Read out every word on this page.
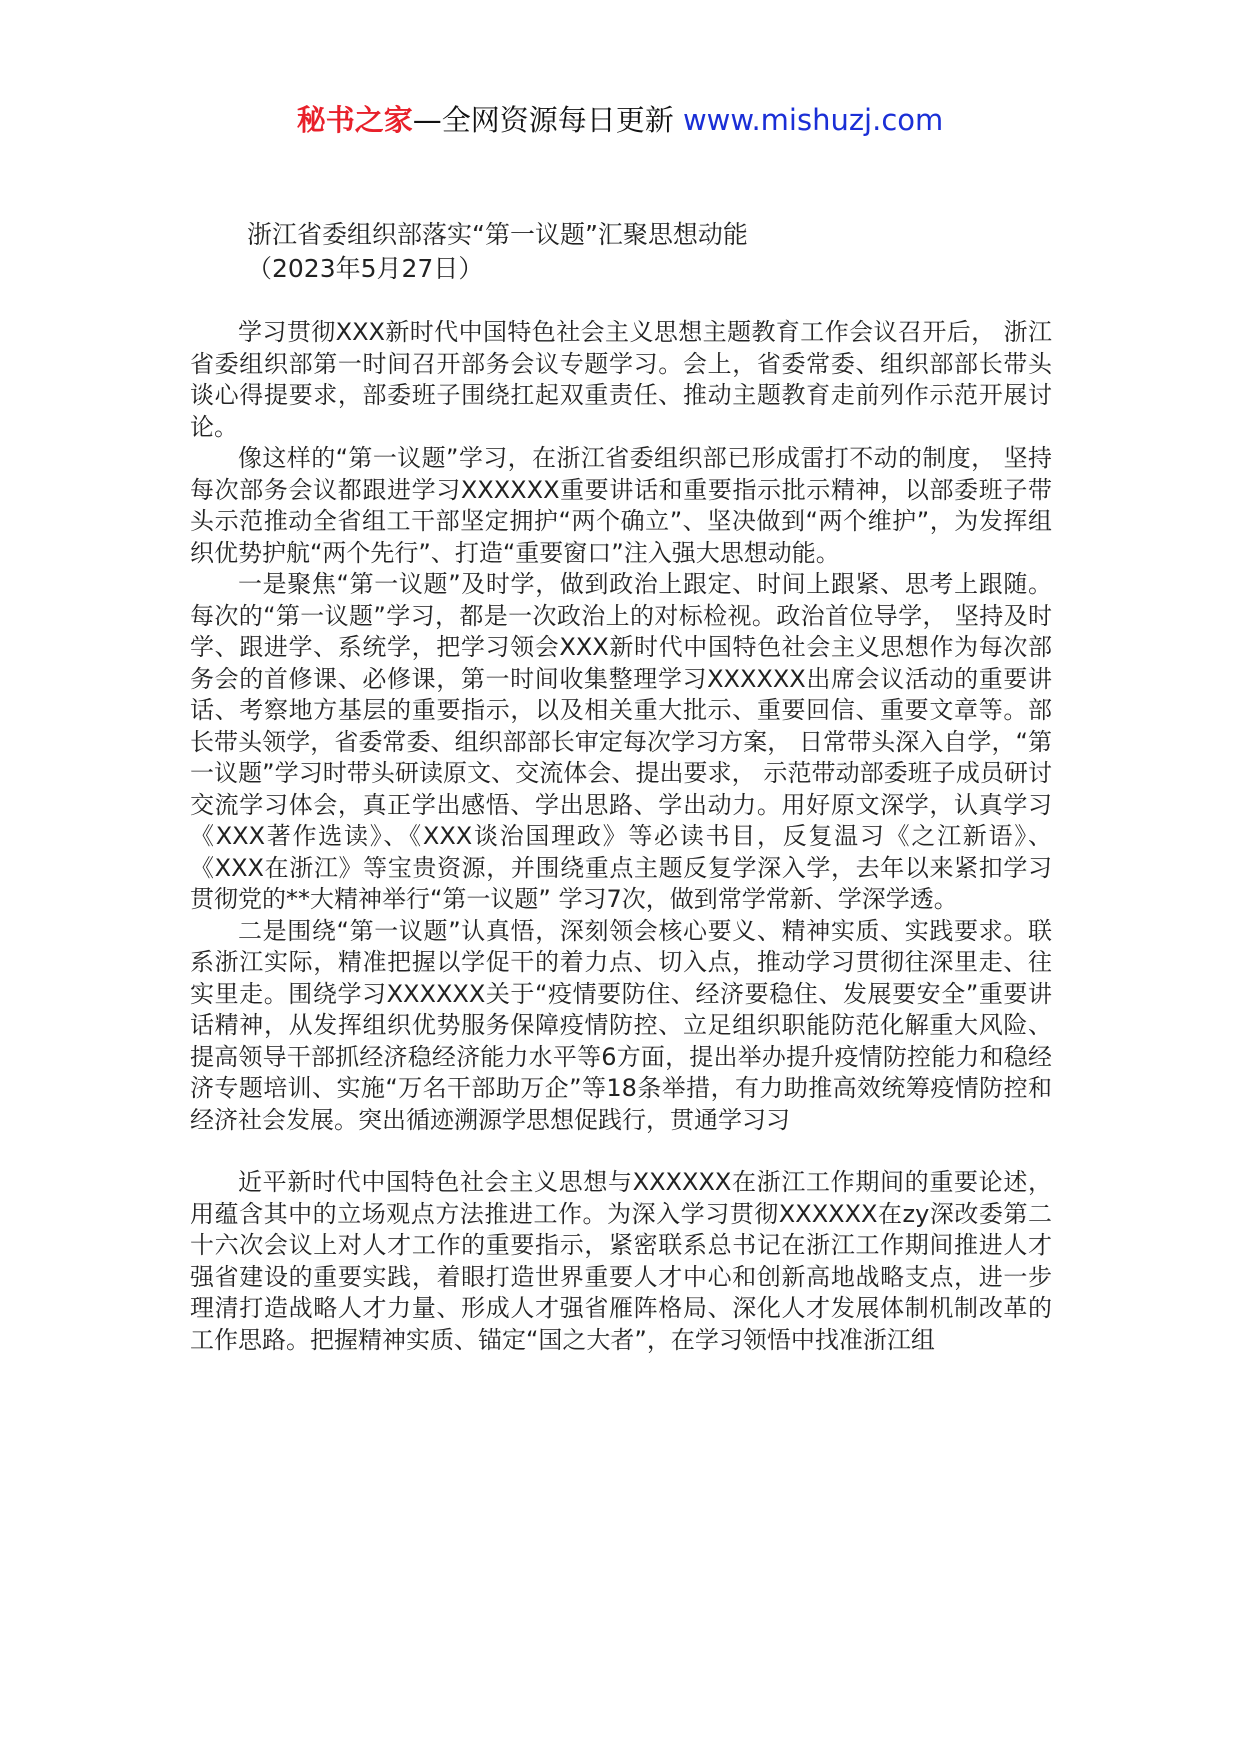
秘书之家—全网资源每日更新 www.mishuzj.com
浙江省委组织部落实“第一议题”汇聚思想动能
（2023年5月27日）

学习贯彻XXX新时代中国特色社会主义思想主题教育工作会议召开后， 浙江省委组织部第一时间召开部务会议专题学习。会上，省委常委、组织部部长带头谈心得提要求，部委班子围绕扛起双重责任、推动主题教育走前列作示范开展讨论。

像这样的“第一议题”学习，在浙江省委组织部已形成雷打不动的制度， 坚持每次部务会议都跟进学习XXXXXX重要讲话和重要指示批示精神，以部委班子带头示范推动全省组工干部坚定拥护“两个确立”、坚决做到“两个维护”，为发挥组织优势护航“两个先行”、打造“重要窗口”注入强大思想动能。

一是聚焦“第一议题”及时学，做到政治上跟定、时间上跟紧、思考上跟随。每次的“第一议题”学习，都是一次政治上的对标检视。政治首位导学， 坚持及时学、跟进学、系统学，把学习领会XXX新时代中国特色社会主义思想作为每次部务会的首修课、必修课，第一时间收集整理学习XXXXXX出席会议活动的重要讲话、考察地方基层的重要指示，以及相关重大批示、重要回信、重要文章等。部长带头领学，省委常委、组织部部长审定每次学习方案， 日常带头深入自学，“第一议题”学习时带头研读原文、交流体会、提出要求， 示范带动部委班子成员研讨交流学习体会，真正学出感悟、学出思路、学出动力。用好原文深学，认真学习《XXX著作选读》、《XXX谈治国理政》等必读书目，反复温习《之江新语》、《XXX在浙江》等宝贵资源，并围绕重点主题反复学深入学，去年以来紧扣学习贯彻党的**大精神举行“第一议题” 学习7次，做到常学常新、学深学透。

二是围绕“第一议题”认真悟，深刻领会核心要义、精神实质、实践要求。联系浙江实际，精准把握以学促干的着力点、切入点，推动学习贯彻往深里走、往实里走。围绕学习XXXXXX关于“疫情要防住、经济要稳住、发展要安全”重要讲话精神，从发挥组织优势服务保障疫情防控、立足组织职能防范化解重大风险、提高领导干部抓经济稳经济能力水平等6方面，提出举办提升疫情防控能力和稳经济专题培训、实施“万名干部助万企”等18条举措，有力助推高效统筹疫情防控和经济社会发展。突出循迹溯源学思想促践行，贯通学习习

近平新时代中国特色社会主义思想与XXXXXX在浙江工作期间的重要论述，用蕴含其中的立场观点方法推进工作。为深入学习贯彻XXXXXX在zy深改委第二十六次会议上对人才工作的重要指示，紧密联系总书记在浙江工作期间推进人才强省建设的重要实践，着眼打造世界重要人才中心和创新高地战略支点，进一步理清打造战略人才力量、形成人才强省雁阵格局、深化人才发展体制机制改革的工作思路。把握精神实质、锚定“国之大者”，在学习领悟中找准浙江组
